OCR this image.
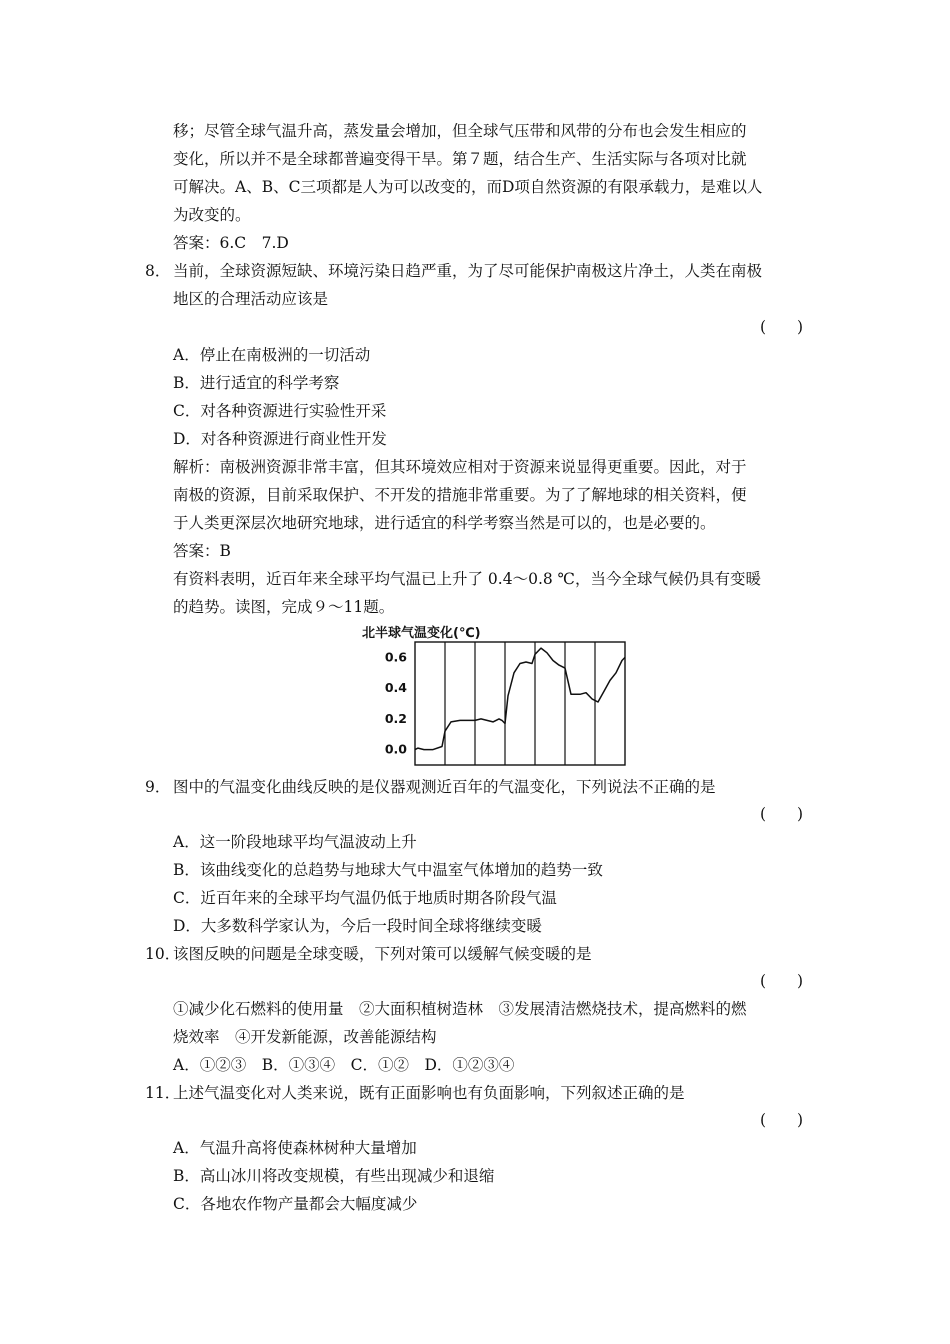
移；尽管全球气温升高，蒸发量会增加，但全球气压带和风带的分布也会发生相应的
变化，所以并不是全球都普遍变得干旱。第７题，结合生产、生活实际与各项对比就
可解决。A、B、C三项都是人为可以改变的，而D项自然资源的有限承载力，是难以人
为改变的。
答案：6.C　7.D
8． 当前，全球资源短缺、环境污染日趋严重，为了尽可能保护南极这片净土，人类在南极
地区的合理活动应该是
(　　)
A．停止在南极洲的一切活动
B．进行适宜的科学考察
C．对各种资源进行实验性开采
D．对各种资源进行商业性开发
解析：南极洲资源非常丰富，但其环境效应相对于资源来说显得更重要。因此，对于
南极的资源，目前采取保护、不开发的措施非常重要。为了了解地球的相关资料，便
于人类更深层次地研究地球，进行适宜的科学考察当然是可以的，也是必要的。
答案：B
有资料表明，近百年来全球平均气温已上升了 0.4～0.8 ℃，当今全球气候仍具有变暖
的趋势。读图，完成９～11题。
北半球气温变化(℃)
0.0
0.2
0.4
0.6
9． 图中的气温变化曲线反映的是仪器观测近百年的气温变化，下列说法不正确的是
(　　)
A．这一阶段地球平均气温波动上升
B．该曲线变化的总趋势与地球大气中温室气体增加的趋势一致
C．近百年来的全球平均气温仍低于地质时期各阶段气温
D．大多数科学家认为，今后一段时间全球将继续变暖
10．
该图反映的问题是全球变暖，下列对策可以缓解气候变暖的是
(　　)
①减少化石燃料的使用量　②大面积植树造林　③发展清洁燃烧技术，提高燃料的燃
烧效率　④开发新能源，改善能源结构
A．①②③　B．①③④　C．①②　D．①②③④
11．
上述气温变化对人类来说，既有正面影响也有负面影响，下列叙述正确的是
(　　)
A．气温升高将使森林树种大量增加
B．高山冰川将改变规模，有些出现减少和退缩
C．各地农作物产量都会大幅度减少
